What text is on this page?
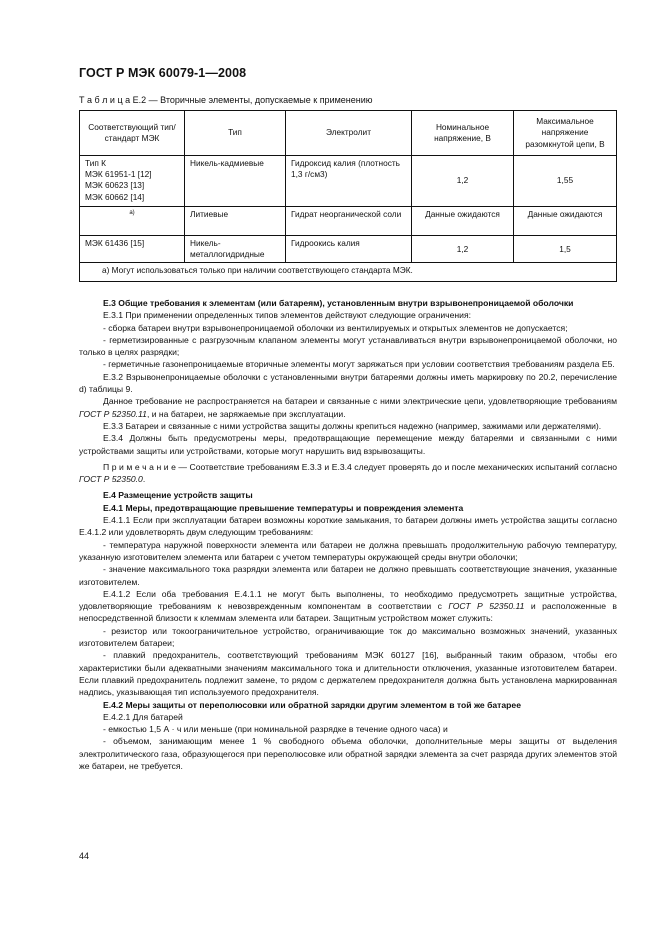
ГОСТ Р МЭК 60079-1—2008
Т а б л и ц а Е.2 — Вторичные элементы, допускаемые к применению
Соответствующий тип/стандарт МЭК	Тип	Электролит	Номинальное напряжение, В	Максимальное напряжение разомкнутой цепи, В
Тип К
МЭК 61951-1 [12]
МЭК 60623 [13]
МЭК 60662 [14]	Никель-кадмиевые	Гидроксид калия (плотность 1,3 г/см3)	1,2	1,55
a)	Литиевые	Гидрат неорганической соли	Данные ожидаются	Данные ожидаются
МЭК 61436 [15]	Никель-металлогидридные	Гидроокись калия	1,2	1,5
a) Могут использоваться только при наличии соответствующего стандарта МЭК.				

Е.3 Общие требования к элементам (или батареям), установленным внутри взрывонепроницаемой оболочки

Е.3.1 При применении определенных типов элементов действуют следующие ограничения:

- сборка батареи внутри взрывонепроницаемой оболочки из вентилируемых и открытых элементов не допускается;

- герметизированные с разгрузочным клапаном элементы могут устанавливаться внутри взрывонепроницаемой оболочки, но только в целях разрядки;

- герметичные газонепроницаемые вторичные элементы могут заряжаться при условии соответствия требованиям раздела Е5.

Е.3.2 Взрывонепроницаемые оболочки с установленными внутри батареями должны иметь маркировку по 20.2, перечисление d) таблицы 9.

Данное требование не распространяется на батареи и связанные с ними электрические цепи, удовлетворяющие требованиям ГОСТ Р 52350.11, и на батареи, не заряжаемые при эксплуатации.

Е.3.3 Батареи и связанные с ними устройства защиты должны крепиться надежно (например, зажимами или держателями).

Е.3.4 Должны быть предусмотрены меры, предотвращающие перемещение между батареями и связанными с ними устройствами защиты или устройствами, которые могут нарушить вид взрывозащиты.

П р и м е ч а н и е — Соответствие требованиям Е.3.3 и Е.3.4 следует проверять до и после механических испытаний согласно ГОСТ Р 52350.0.

Е.4 Размещение устройств защиты

Е.4.1 Меры, предотвращающие превышение температуры и повреждения элемента

Е.4.1.1 Если при эксплуатации батареи возможны короткие замыкания, то батареи должны иметь устройства защиты согласно Е.4.1.2 или удовлетворять двум следующим требованиям:

- температура наружной поверхности элемента или батареи не должна превышать продолжительную рабочую температуру, указанную изготовителем элемента или батареи с учетом температуры окружающей среды внутри оболочки;

- значение максимального тока разрядки элемента или батареи не должно превышать соответствующие значения, указанные изготовителем.

Е.4.1.2 Если оба требования Е.4.1.1 не могут быть выполнены, то необходимо предусмотреть защитные устройства, удовлетворяющие требованиям к невозврежденным компонентам в соответствии с ГОСТ Р 52350.11 и расположенные в непосредственной близости к клеммам элемента или батареи. Защитным устройством может служить:

- резистор или токоограничительное устройство, ограничивающие ток до максимально возможных значений, указанных изготовителем батареи;

- плавкий предохранитель, соответствующий требованиям МЭК 60127 [16], выбранный таким образом, чтобы его характеристики были адекватными значениям максимального тока и длительности отключения, указанные изготовителем батареи. Если плавкий предохранитель подлежит замене, то рядом с держателем предохранителя должна быть установлена маркированная надпись, указывающая тип используемого предохранителя.

Е.4.2 Меры защиты от переполюсовки или обратной зарядки другим элементом в той же батарее

Е.4.2.1 Для батарей

- емкостью 1,5 А · ч или меньше (при номинальной разрядке в течение одного часа) и

- объемом, занимающим менее 1 % свободного объема оболочки, дополнительные меры защиты от выделения электролитического газа, образующегося при переполюсовке или обратной зарядки элемента за счет разряда других элементов этой же батареи, не требуется.

44
